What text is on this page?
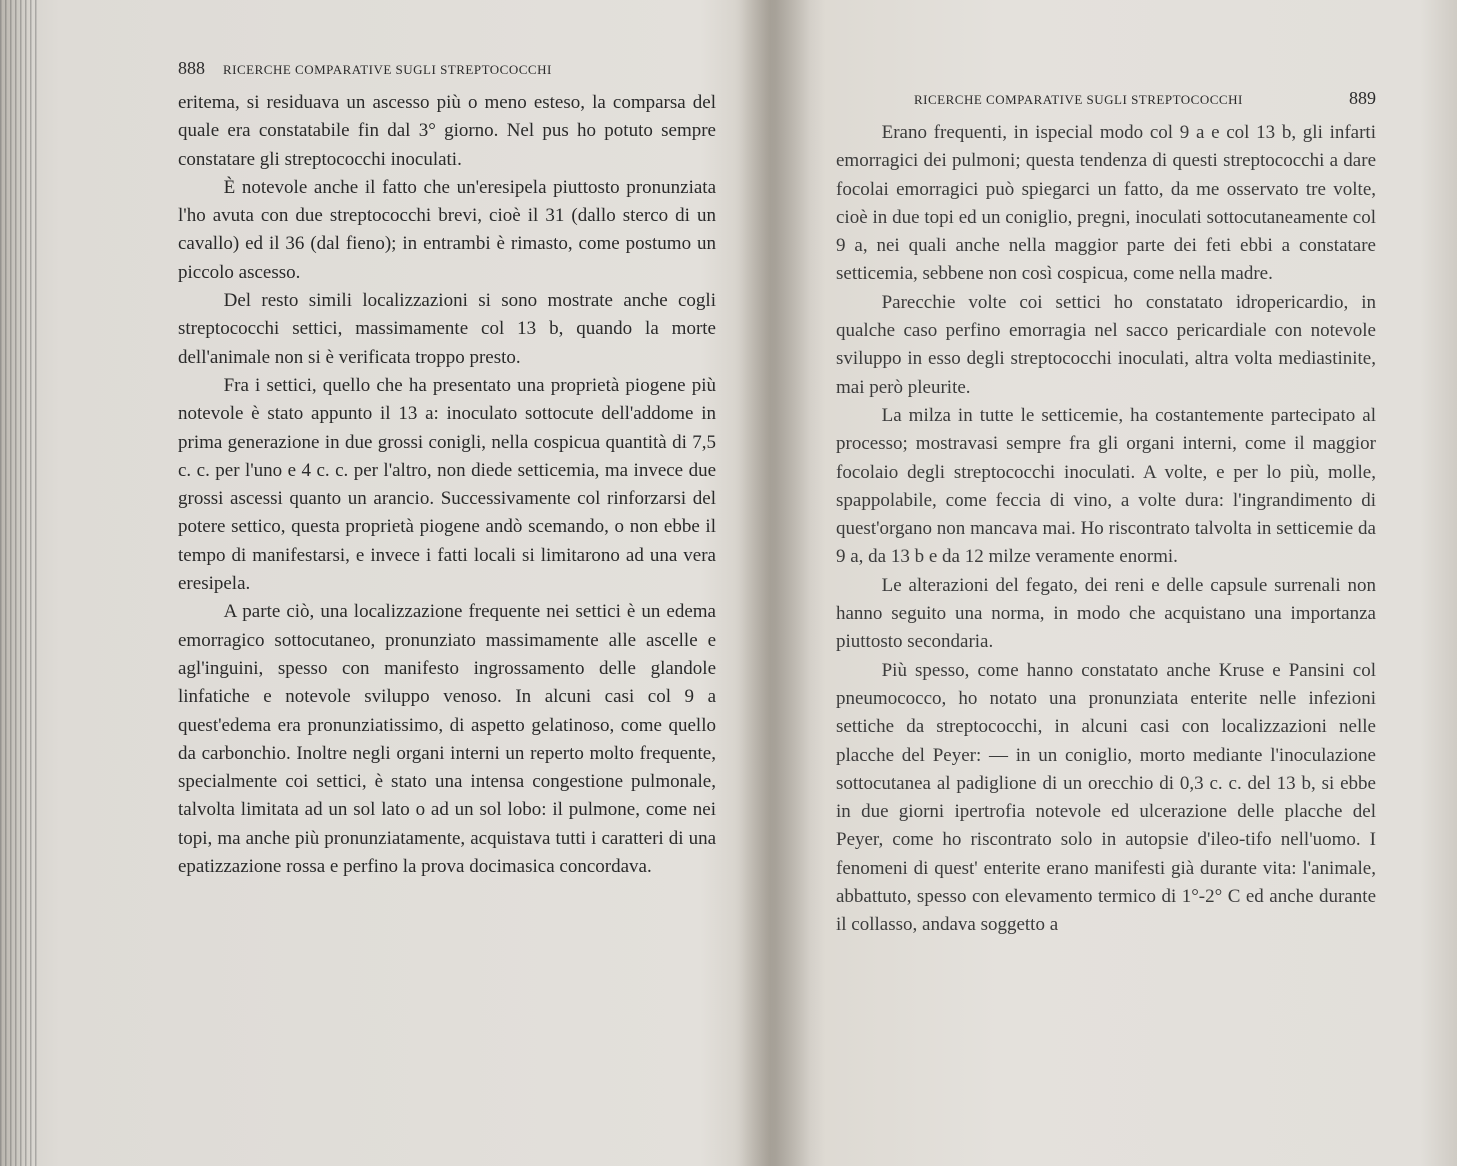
888 RICERCHE COMPARATIVE SUGLI STREPTOCOCCHI

eritema, si residuava un ascesso più o meno esteso, la comparsa del quale era constatabile fin dal 3° giorno. Nel pus ho potuto sempre constatare gli streptococchi inoculati.

È notevole anche il fatto che un'eresipela piuttosto pronunziata l'ho avuta con due streptococchi brevi, cioè il 31 (dallo sterco di un cavallo) ed il 36 (dal fieno); in entrambi è rimasto, come postumo un piccolo ascesso.

Del resto simili localizzazioni si sono mostrate anche cogli streptococchi settici, massimamente col 13 b, quando la morte dell'animale non si è verificata troppo presto.

Fra i settici, quello che ha presentato una proprietà piogene più notevole è stato appunto il 13 a: inoculato sottocute dell'addome in prima generazione in due grossi conigli, nella cospicua quantità di 7,5 c. c. per l'uno e 4 c. c. per l'altro, non diede setticemia, ma invece due grossi ascessi quanto un arancio. Successivamente col rinforzarsi del potere settico, questa proprietà piogene andò scemando, o non ebbe il tempo di manifestarsi, e invece i fatti locali si limitarono ad una vera eresipela.

A parte ciò, una localizzazione frequente nei settici è un edema emorragico sottocutaneo, pronunziato massimamente alle ascelle e agl'inguini, spesso con manifesto ingrossamento delle glandole linfatiche e notevole sviluppo venoso. In alcuni casi col 9 a quest'edema era pronunziatissimo, di aspetto gelatinoso, come quello da carbonchio. Inoltre negli organi interni un reperto molto frequente, specialmente coi settici, è stato una intensa congestione pulmonale, talvolta limitata ad un sol lato o ad un sol lobo: il pulmone, come nei topi, ma anche più pronunziatamente, acquistava tutti i caratteri di una epatizzazione rossa e perfino la prova docimasica concordava.

RICERCHE COMPARATIVE SUGLI STREPTOCOCCHI	889

Erano frequenti, in ispecial modo col 9 a e col 13 b, gli infarti emorragici dei pulmoni; questa tendenza di questi streptococchi a dare focolai emorragici può spiegarci un fatto, da me osservato tre volte, cioè in due topi ed un coniglio, pregni, inoculati sottocutaneamente col 9 a, nei quali anche nella maggior parte dei feti ebbi a constatare setticemia, sebbene non così cospicua, come nella madre.

Parecchie volte coi settici ho constatato idropericardio, in qualche caso perfino emorragia nel sacco pericardiale con notevole sviluppo in esso degli streptococchi inoculati, altra volta mediastinite, mai però pleurite.

La milza in tutte le setticemie, ha costantemente partecipato al processo; mostravasi sempre fra gli organi interni, come il maggior focolaio degli streptococchi inoculati. A volte, e per lo più, molle, spappolabile, come feccia di vino, a volte dura: l'ingrandimento di quest'organo non mancava mai. Ho riscontrato talvolta in setticemie da 9 a, da 13 b e da 12 milze veramente enormi.

Le alterazioni del fegato, dei reni e delle capsule surrenali non hanno seguito una norma, in modo che acquistano una importanza piuttosto secondaria.

Più spesso, come hanno constatato anche Kruse e Pansini col pneumococco, ho notato una pronunziata enterite nelle infezioni settiche da streptococchi, in alcuni casi con localizzazioni nelle placche del Peyer: — in un coniglio, morto mediante l'inoculazione sottocutanea al padiglione di un orecchio di 0,3 c. c. del 13 b, si ebbe in due giorni ipertrofia notevole ed ulcerazione delle placche del Peyer, come ho riscontrato solo in autopsie d'ileo-tifo nell'uomo. I fenomeni di quest' enterite erano manifesti già durante vita: l'animale, abbattuto, spesso con elevamento termico di 1°-2° C ed anche durante il collasso, andava soggetto a
